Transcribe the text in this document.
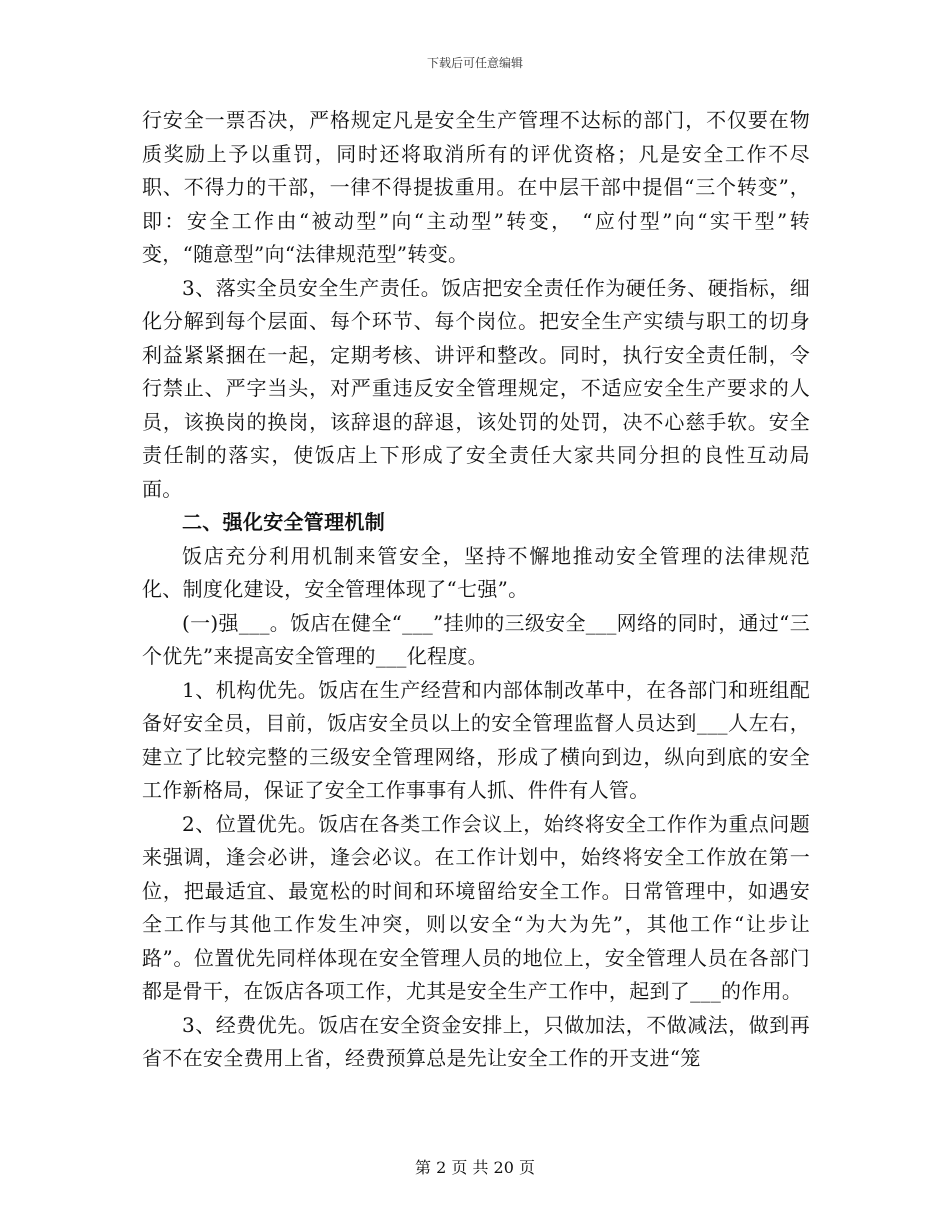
下载后可任意编辑

行安全一票否决，严格规定凡是安全生产管理不达标的部门，不仅要在物质奖励上予以重罚，同时还将取消所有的评优资格；凡是安全工作不尽职、不得力的干部，一律不得提拔重用。在中层干部中提倡“三个转变”，即：安全工作由“被动型”向“主动型”转变， “应付型”向“实干型”转变，“随意型”向“法律规范型”转变。

3、落实全员安全生产责任。饭店把安全责任作为硬任务、硬指标，细化分解到每个层面、每个环节、每个岗位。把安全生产实绩与职工的切身利益紧紧捆在一起，定期考核、讲评和整改。同时，执行安全责任制，令行禁止、严字当头，对严重违反安全管理规定，不适应安全生产要求的人员，该换岗的换岗，该辞退的辞退，该处罚的处罚，决不心慈手软。安全责任制的落实，使饭店上下形成了安全责任大家共同分担的良性互动局面。

二、强化安全管理机制

饭店充分利用机制来管安全，坚持不懈地推动安全管理的法律规范化、制度化建设，安全管理体现了“七强”。

(一)强___。饭店在健全“___”挂帅的三级安全___网络的同时，通过“三个优先”来提高安全管理的___化程度。

1、机构优先。饭店在生产经营和内部体制改革中，在各部门和班组配备好安全员，目前，饭店安全员以上的安全管理监督人员达到___人左右，建立了比较完整的三级安全管理网络，形成了横向到边，纵向到底的安全工作新格局，保证了安全工作事事有人抓、件件有人管。

2、位置优先。饭店在各类工作会议上，始终将安全工作作为重点问题来强调，逢会必讲，逢会必议。在工作计划中，始终将安全工作放在第一位，把最适宜、最宽松的时间和环境留给安全工作。日常管理中，如遇安全工作与其他工作发生冲突，则以安全“为大为先”，其他工作“让步让路”。位置优先同样体现在安全管理人员的地位上，安全管理人员在各部门都是骨干，在饭店各项工作，尤其是安全生产工作中，起到了___的作用。

3、经费优先。饭店在安全资金安排上，只做加法，不做减法，做到再省不在安全费用上省，经费预算总是先让安全工作的开支进“笼

第 2 页 共 20 页
